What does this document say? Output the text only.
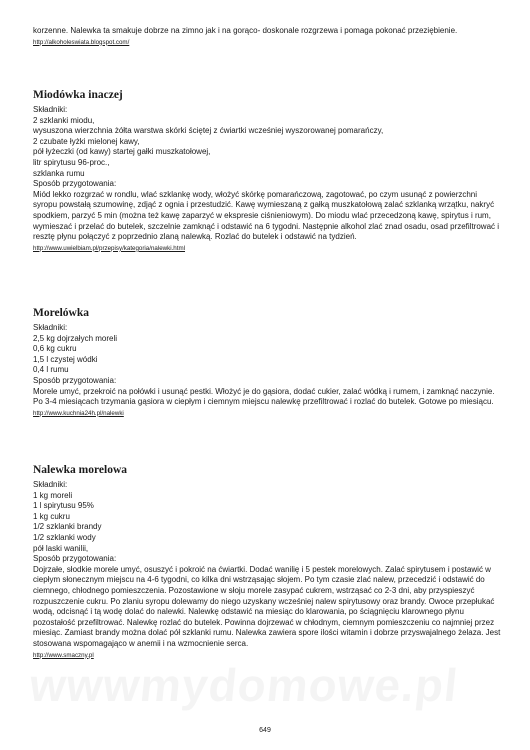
korzenne. Nalewka ta smakuje dobrze na zimno jak i na gorąco- doskonale rozgrzewa i pomaga pokonać przeziębienie.

http://alkoholeswiata.blogspot.com/
Miodówka inaczej
Składniki:
2 szklanki miodu,
wysuszona wierzchnia żółta warstwa skórki ściętej z ćwiartki wcześniej wyszorowanej pomarańczy,
2 czubate łyżki mielonej kawy,
pół łyżeczki (od kawy) startej gałki muszkatołowej,
litr spirytusu 96-proc.,
szklanka rumu
Sposób przygotowania:

Miód lekko rozgrzać w rondlu, wlać szklankę wody, włożyć skórkę pomarańczową, zagotować, po czym usunąć z powierzchni syropu powstałą szumowinę, zdjąć z ognia i przestudzić. Kawę wymieszaną z gałką muszkatołową zalać szklanką wrzątku, nakryć spodkiem, parzyć 5 min (można też kawę zaparzyć w ekspresie ciśnieniowym). Do miodu wlać przecedzoną kawę, spirytus i rum, wymieszać i przelać do butelek, szczelnie zamknąć i odstawić na 6 tygodni. Następnie alkohol zlać znad osadu, osad przefiltrować i resztę płynu połączyć z poprzednio zlaną nalewką. Rozlać do butelek i odstawić na tydzień.

http://www.uwielbiam.pl/przepisy/kategoria/nalewki.html
Morelówka
Składniki:
2,5 kg dojrzałych moreli
0,6 kg cukru
1,5 l czystej wódki
0,4 l rumu
Sposób przygotowania:

Morele umyć, przekroić na połówki i usunąć pestki. Włożyć je do gąsiora, dodać cukier, zalać wódką i rumem, i zamknąć naczynie. Po 3-4 miesiącach trzymania gąsiora w ciepłym i ciemnym miejscu nalewkę przefiltrować i rozlać do butelek. Gotowe po miesiącu.

http://www.kuchnia24h.pl/nalewki
Nalewka morelowa
Składniki:
1 kg moreli
1 l spirytusu 95%
1 kg cukru
1/2 szklanki brandy
1/2 szklanki wody
pół laski wanilii,
Sposób przygotowania:

Dojrzałe, słodkie morele umyć, osuszyć i pokroić na ćwiartki. Dodać wanilię i 5 pestek morelowych. Zalać spirytusem i postawić w ciepłym słonecznym miejscu na 4-6 tygodni, co kilka dni wstrząsając słojem. Po tym czasie zlać nalew, przecedzić i odstawić do ciemnego, chłodnego pomieszczenia. Pozostawione w słoju morele zasypać cukrem, wstrząsać co 2-3 dni, aby przyspieszyć rozpuszczenie cukru. Po zlaniu syropu dolewamy do niego uzyskany wcześniej nalew spirytusowy oraz brandy. Owoce przepłukać wodą, odcisnąć i tą wodę dolać do nalewki. Nalewkę odstawić na miesiąc do klarowania, po ściągnięciu klarownego płynu pozostałość przefiltrować. Nalewkę rozlać do butelek. Powinna dojrzewać w chłodnym, ciemnym pomieszczeniu co najmniej przez miesiąc. Zamiast brandy można dolać pół szklanki rumu. Nalewka zawiera spore ilości witamin i dobrze przyswajalnego żelaza. Jest stosowana wspomagająco w anemii i na wzmocnienie serca.

http://www.smaczny.pl
649
